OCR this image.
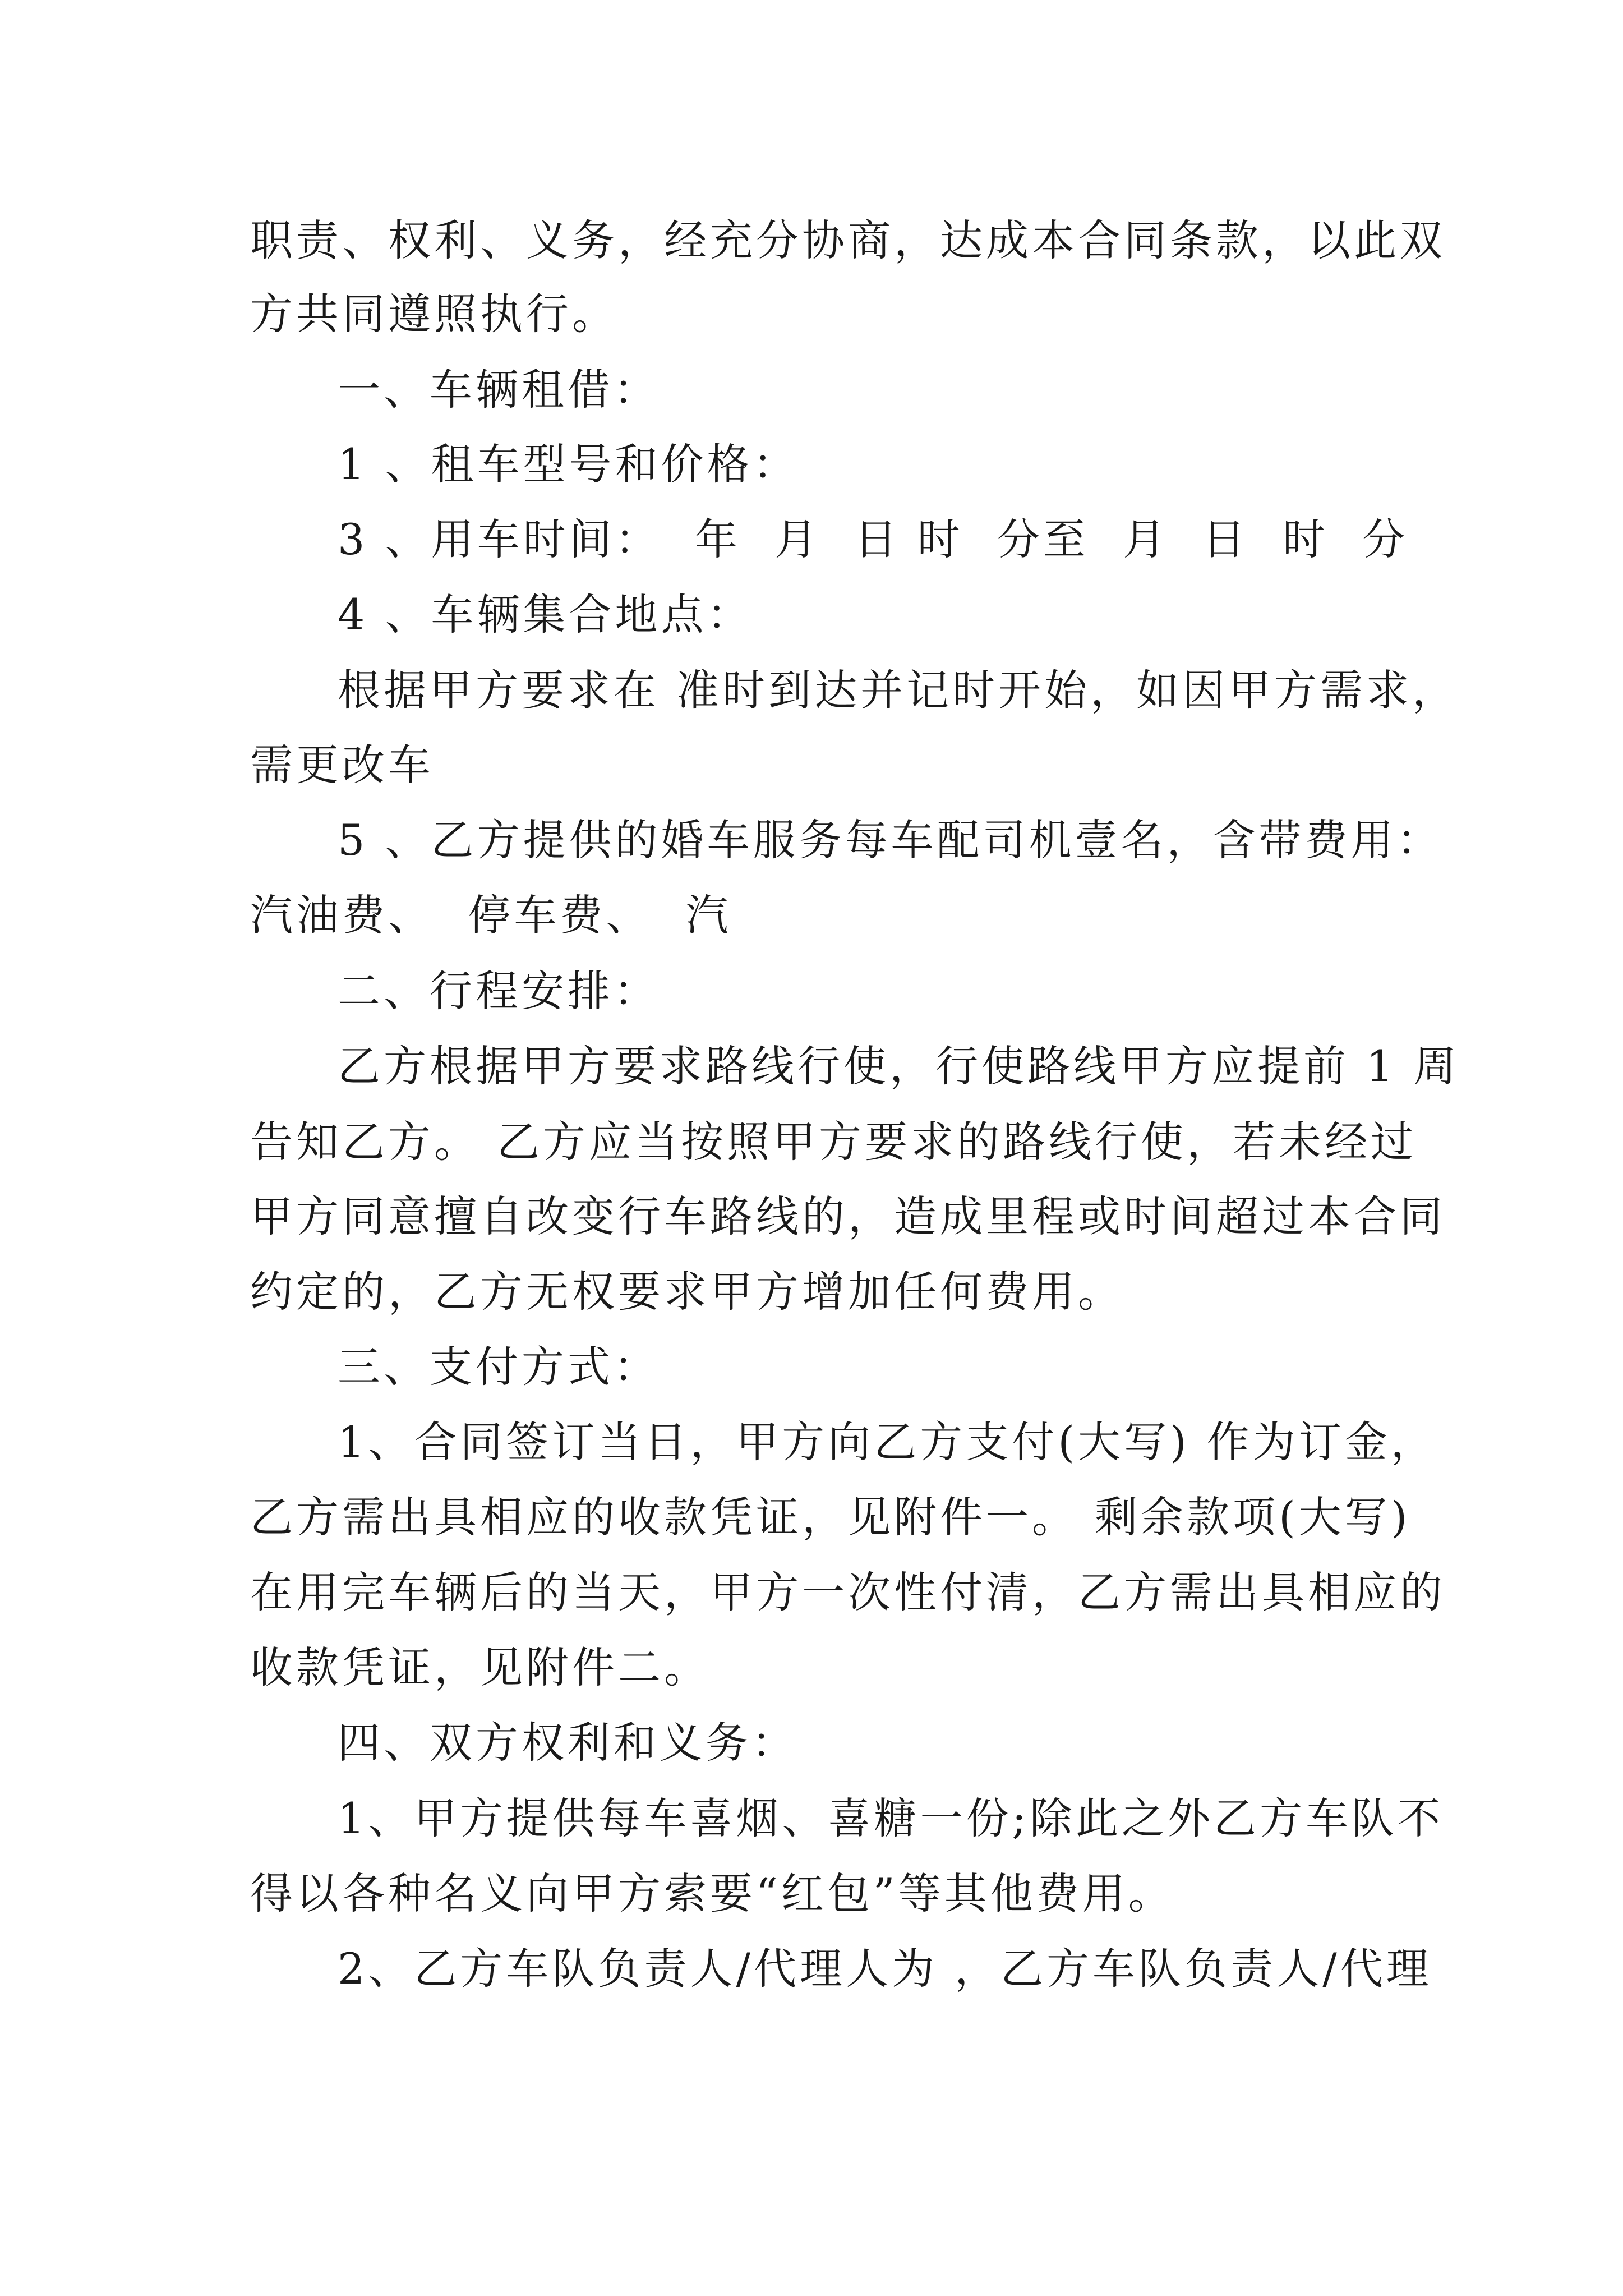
职责、权利、义务，经充分协商，达成本合同条款，以此双
方共同遵照执行。
一、车辆租借：
1 、租车型号和价格：
3 、用车时间：  年  月  日 时  分至  月  日  时  分
4 、车辆集合地点：
根据甲方要求在 准时到达并记时开始，如因甲方需求，
需更改车
5 、乙方提供的婚车服务每车配司机壹名，含带费用：
汽油费、  停车费、  汽
二、行程安排：
乙方根据甲方要求路线行使，行使路线甲方应提前 1 周
告知乙方。 乙方应当按照甲方要求的路线行使，若未经过
甲方同意擅自改变行车路线的，造成里程或时间超过本合同
约定的，乙方无权要求甲方增加任何费用。
三、支付方式：
1、合同签订当日，甲方向乙方支付(大写) 作为订金，
乙方需出具相应的收款凭证，见附件一。 剩余款项(大写)
在用完车辆后的当天，甲方一次性付清，乙方需出具相应的
收款凭证，见附件二。
四、双方权利和义务：
1、甲方提供每车喜烟、喜糖一份;除此之外乙方车队不
得以各种名义向甲方索要“红包”等其他费用。
2、乙方车队负责人/代理人为 ，乙方车队负责人/代理
